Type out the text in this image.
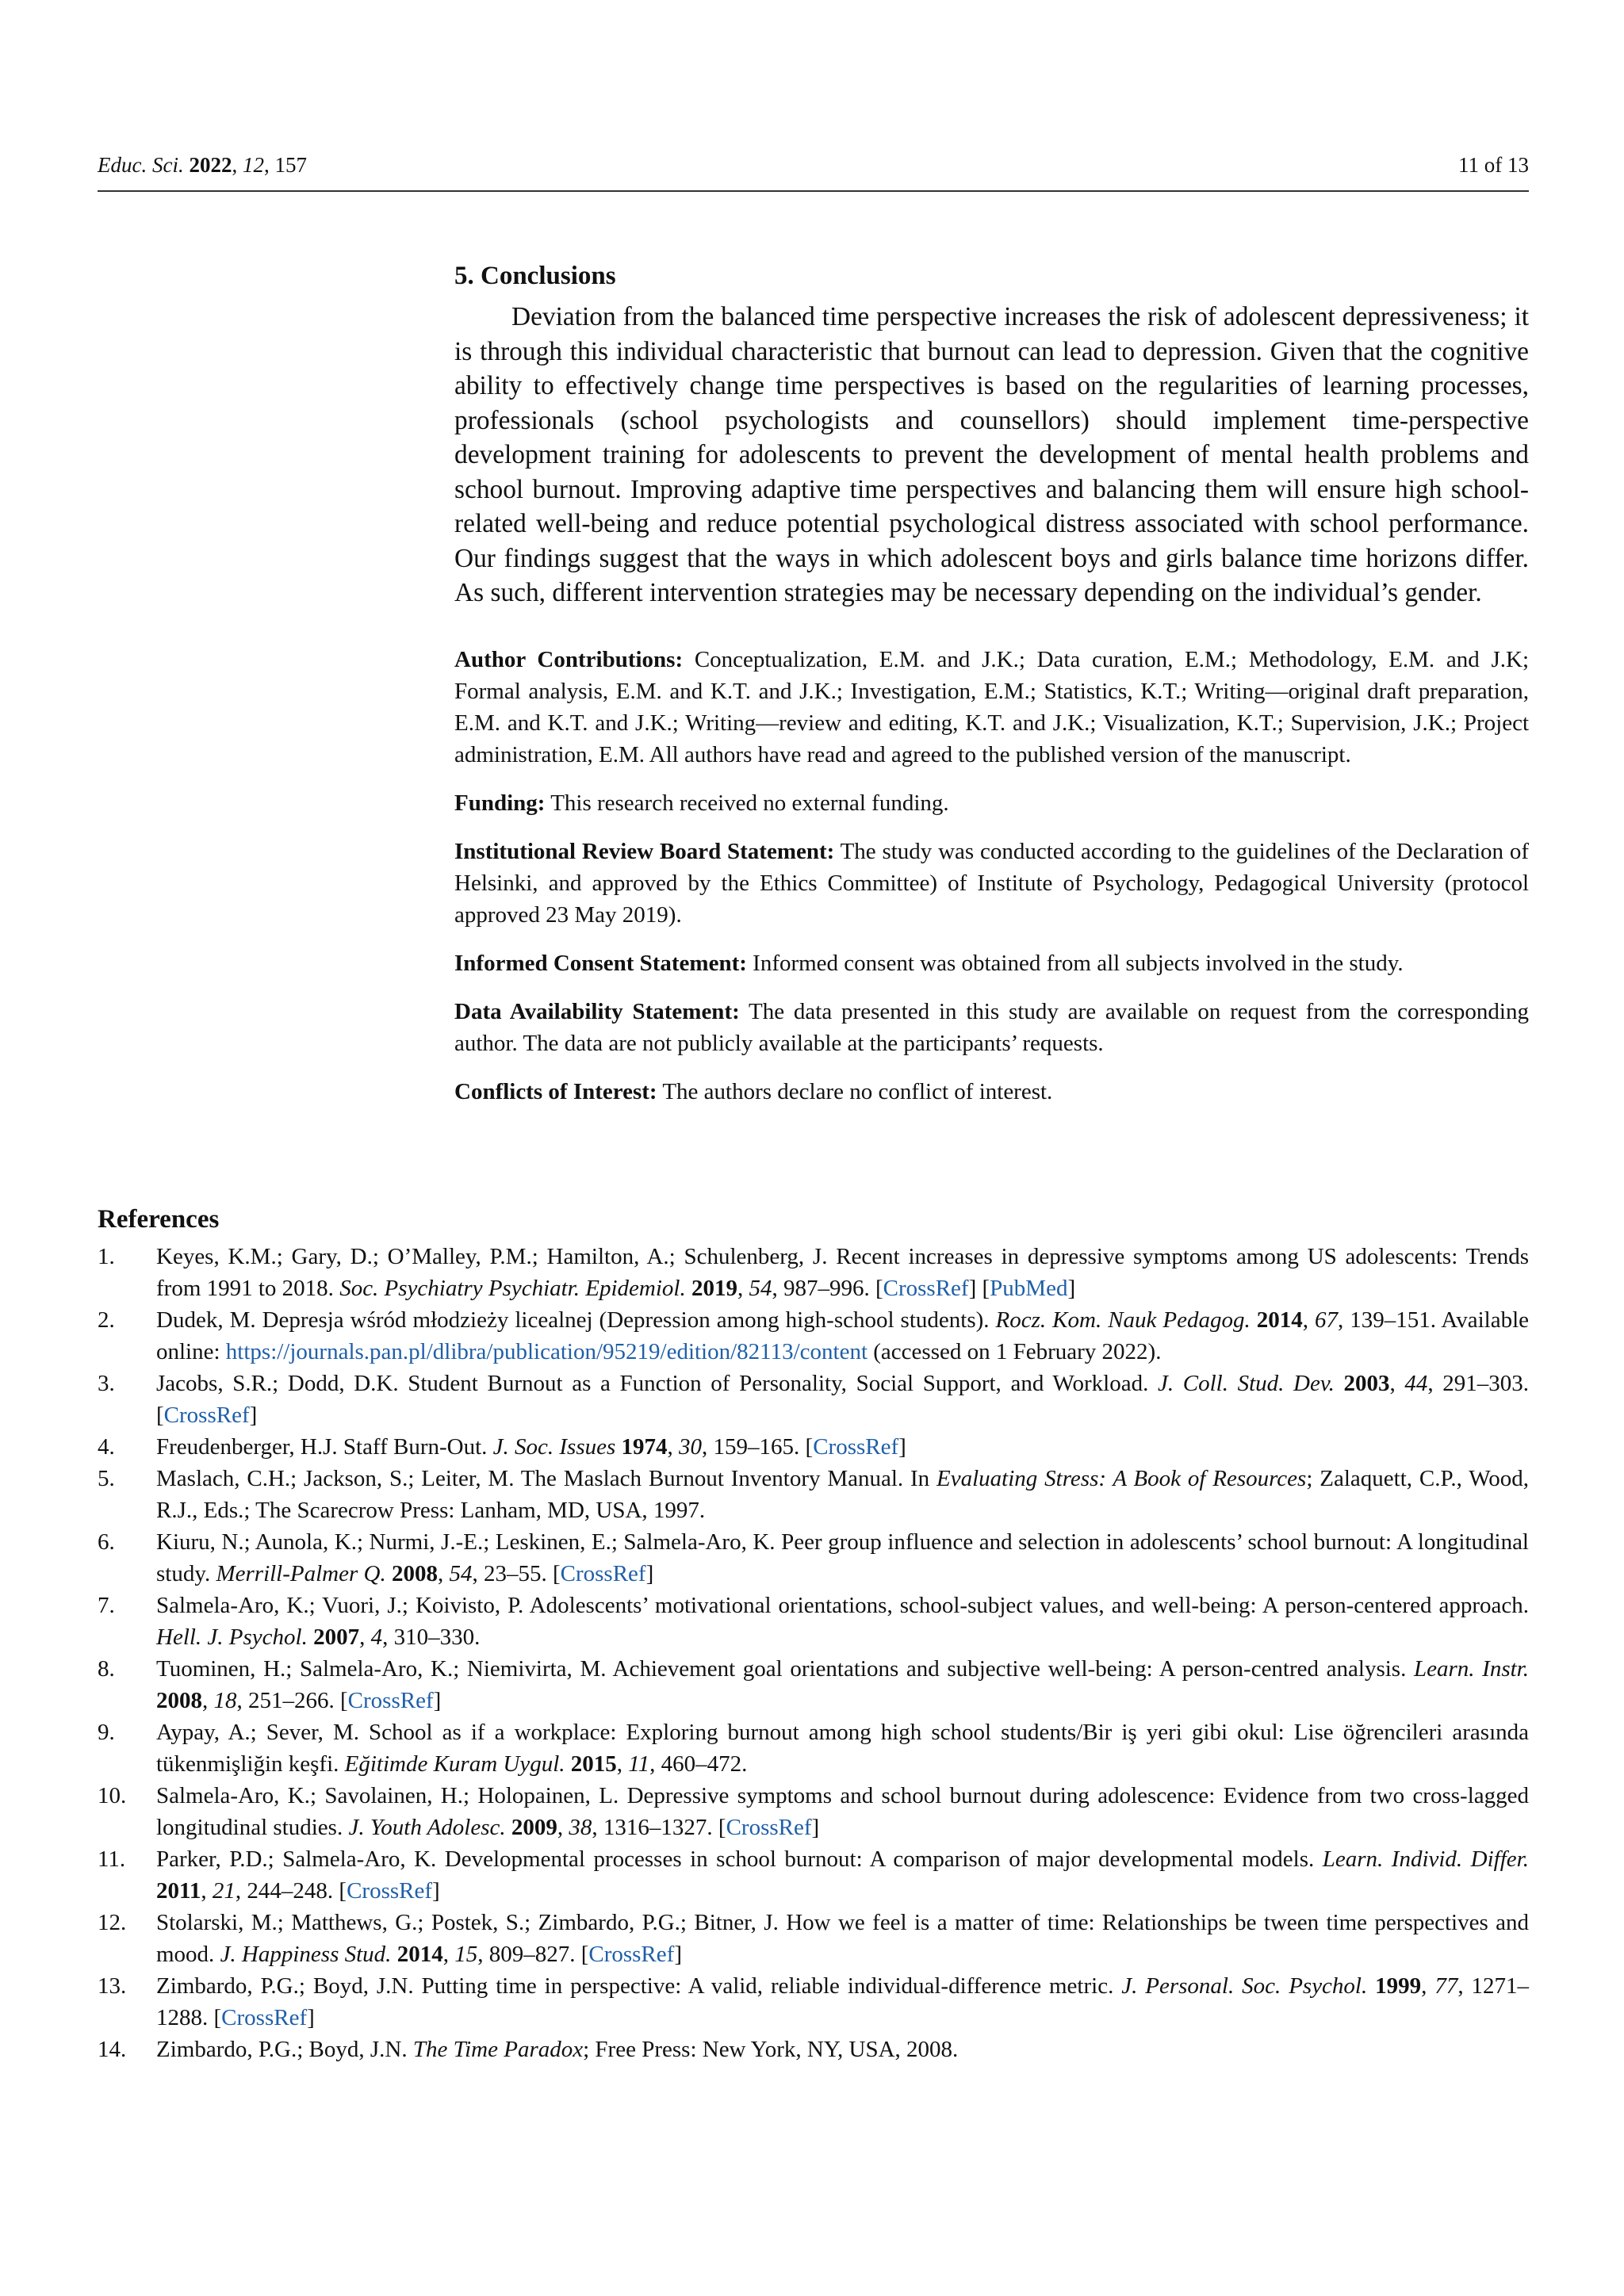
Educ. Sci. 2022, 12, 157	11 of 13
5. Conclusions

Deviation from the balanced time perspective increases the risk of adolescent depressiveness; it is through this individual characteristic that burnout can lead to depression. Given that the cognitive ability to effectively change time perspectives is based on the regularities of learning processes, professionals (school psychologists and counsellors) should implement time-perspective development training for adolescents to prevent the development of mental health problems and school burnout. Improving adaptive time perspectives and balancing them will ensure high school-related well-being and reduce potential psychological distress associated with school performance. Our findings suggest that the ways in which adolescent boys and girls balance time horizons differ. As such, different intervention strategies may be necessary depending on the individual’s gender.

Author Contributions: Conceptualization, E.M. and J.K.; Data curation, E.M.; Methodology, E.M. and J.K; Formal analysis, E.M. and K.T. and J.K.; Investigation, E.M.; Statistics, K.T.; Writing—original draft preparation, E.M. and K.T. and J.K.; Writing—review and editing, K.T. and J.K.; Visualization, K.T.; Supervision, J.K.; Project administration, E.M. All authors have read and agreed to the published version of the manuscript.

Funding: This research received no external funding.

Institutional Review Board Statement: The study was conducted according to the guidelines of the Declaration of Helsinki, and approved by the Ethics Committee) of Institute of Psychology, Pedagogical University (protocol approved 23 May 2019).

Informed Consent Statement: Informed consent was obtained from all subjects involved in the study.

Data Availability Statement: The data presented in this study are available on request from the corresponding author. The data are not publicly available at the participants’ requests.

Conflicts of Interest: The authors declare no conflict of interest.

References
1. Keyes, K.M.; Gary, D.; O’Malley, P.M.; Hamilton, A.; Schulenberg, J. Recent increases in depressive symptoms among US adolescents: Trends from 1991 to 2018. Soc. Psychiatry Psychiatr. Epidemiol. 2019, 54, 987–996. [CrossRef] [PubMed]
2. Dudek, M. Depresja wśród młodzieży licealnej (Depression among high-school students). Rocz. Kom. Nauk Pedagog. 2014, 67, 139–151. Available online: https://journals.pan.pl/dlibra/publication/95219/edition/82113/content (accessed on 1 February 2022).
3. Jacobs, S.R.; Dodd, D.K. Student Burnout as a Function of Personality, Social Support, and Workload. J. Coll. Stud. Dev. 2003, 44, 291–303. [CrossRef]
4. Freudenberger, H.J. Staff Burn-Out. J. Soc. Issues 1974, 30, 159–165. [CrossRef]
5. Maslach, C.H.; Jackson, S.; Leiter, M. The Maslach Burnout Inventory Manual. In Evaluating Stress: A Book of Resources; Zalaquett, C.P., Wood, R.J., Eds.; The Scarecrow Press: Lanham, MD, USA, 1997.
6. Kiuru, N.; Aunola, K.; Nurmi, J.-E.; Leskinen, E.; Salmela-Aro, K. Peer group influence and selection in adolescents’ school burnout: A longitudinal study. Merrill-Palmer Q. 2008, 54, 23–55. [CrossRef]
7. Salmela-Aro, K.; Vuori, J.; Koivisto, P. Adolescents’ motivational orientations, school-subject values, and well-being: A person-centered approach. Hell. J. Psychol. 2007, 4, 310–330.
8. Tuominen, H.; Salmela-Aro, K.; Niemivirta, M. Achievement goal orientations and subjective well-being: A person-centred analysis. Learn. Instr. 2008, 18, 251–266. [CrossRef]
9. Aypay, A.; Sever, M. School as if a workplace: Exploring burnout among high school students/Bir iş yeri gibi okul: Lise öğrencileri arasında tükenmişliğin keşfi. Eğitimde Kuram Uygul. 2015, 11, 460–472.
10. Salmela-Aro, K.; Savolainen, H.; Holopainen, L. Depressive symptoms and school burnout during adolescence: Evidence from two cross-lagged longitudinal studies. J. Youth Adolesc. 2009, 38, 1316–1327. [CrossRef]
11. Parker, P.D.; Salmela-Aro, K. Developmental processes in school burnout: A comparison of major developmental models. Learn. Individ. Differ. 2011, 21, 244–248. [CrossRef]
12. Stolarski, M.; Matthews, G.; Postek, S.; Zimbardo, P.G.; Bitner, J. How we feel is a matter of time: Relationships be tween time perspectives and mood. J. Happiness Stud. 2014, 15, 809–827. [CrossRef]
13. Zimbardo, P.G.; Boyd, J.N. Putting time in perspective: A valid, reliable individual-difference metric. J. Personal. Soc. Psychol. 1999, 77, 1271–1288. [CrossRef]
14. Zimbardo, P.G.; Boyd, J.N. The Time Paradox; Free Press: New York, NY, USA, 2008.
